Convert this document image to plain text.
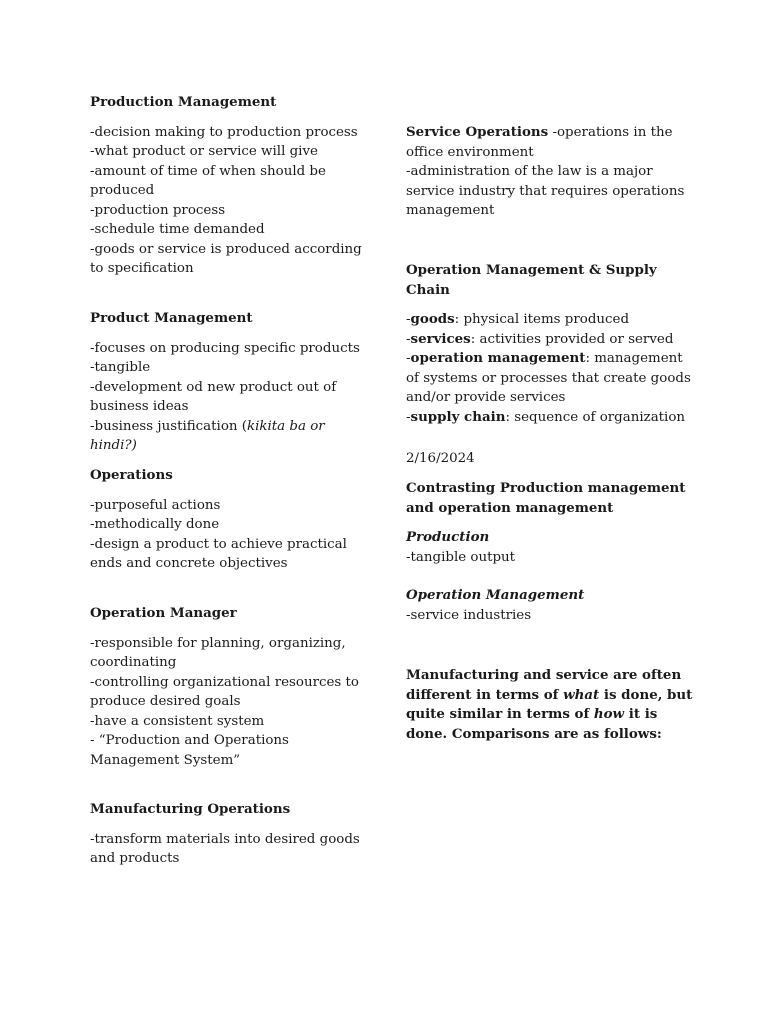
Production Management

-decision making to production process
-what product or service will give
-amount of time of when should be produced
-production process
-schedule time demanded
-goods or service is produced according to specification

Product Management

-focuses on producing specific products
-tangible
-development od new product out of business ideas
-business justification (kikita ba or hindi?)

Operations

-purposeful actions
-methodically done
-design a product to achieve practical ends and concrete objectives

Operation Manager

-responsible for planning, organizing, coordinating
-controlling organizational resources to produce desired goals
-have a consistent system
- “Production and Operations Management System”

Manufacturing Operations

-transform materials into desired goods and products

Service Operations -operations in the office environment
-administration of the law is a major service industry that requires operations management

Operation Management & Supply Chain

-goods: physical items produced
-services: activities provided or served
-operation management: management of systems or processes that create goods and/or provide services
-supply chain: sequence of organization

2/16/2024

Contrasting Production management and operation management

Production
-tangible output

Operation Management
-service industries

Manufacturing and service are often different in terms of what is done, but quite similar in terms of how it is done. Comparisons are as follows:
